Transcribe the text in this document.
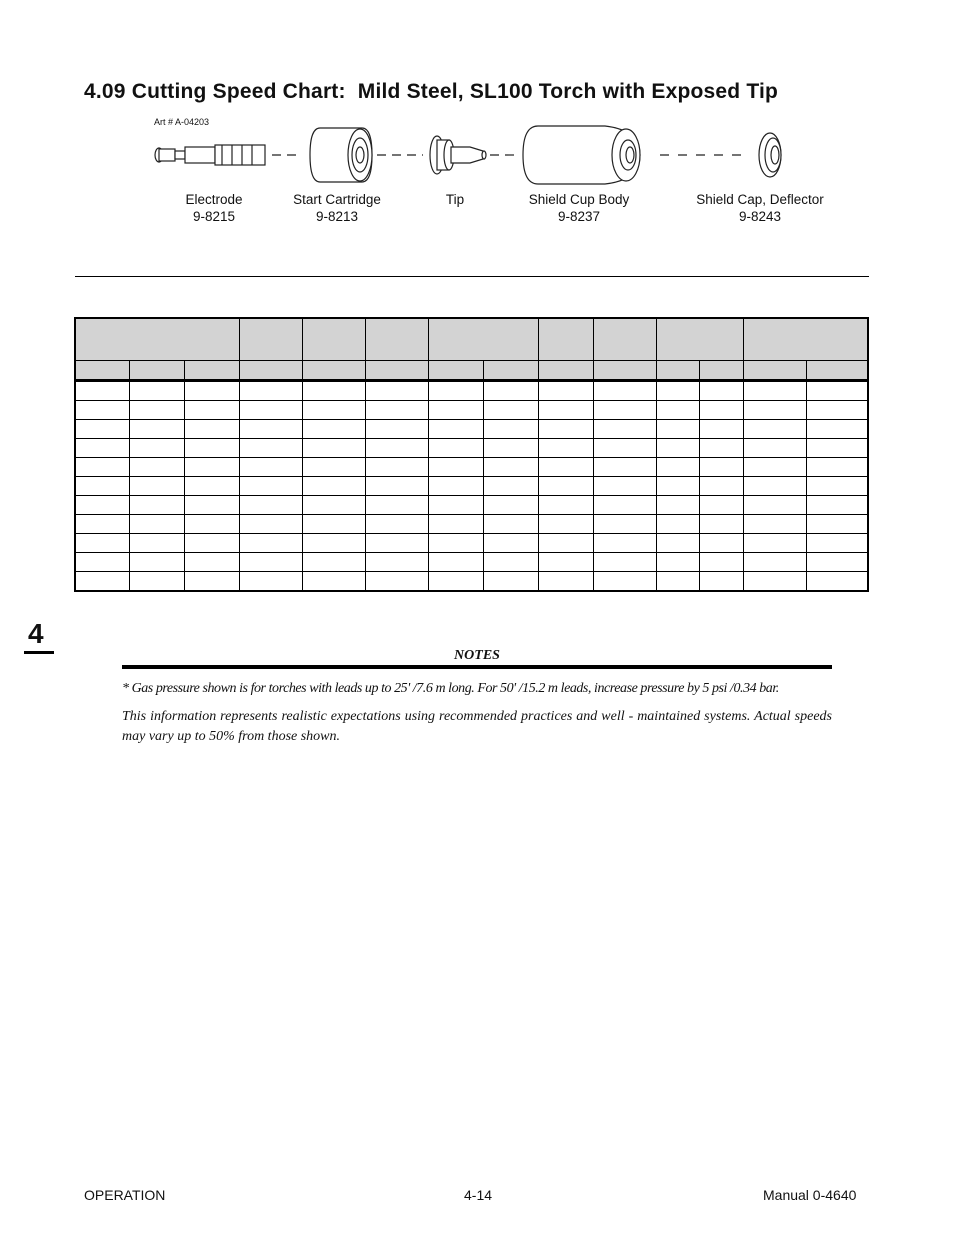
4.09 Cutting Speed Chart:  Mild Steel, SL100 Torch with Exposed Tip
Art # A-04203
Electrode
9-8215
Start Cartridge
9-8213
Tip	Shield Cup Body
9-8237
Shield Cap, Deflector
9-8243

4
NOTES

* Gas pressure shown is for torches with leads up to 25' /7.6 m long. For 50' /15.2 m leads, increase pressure by 5 psi /0.34 bar.

This information represents realistic expectations using recommended practices and well - maintained systems. Actual speeds may vary up to 50% from those shown.

OPERATION	4-14	Manual 0-4640
